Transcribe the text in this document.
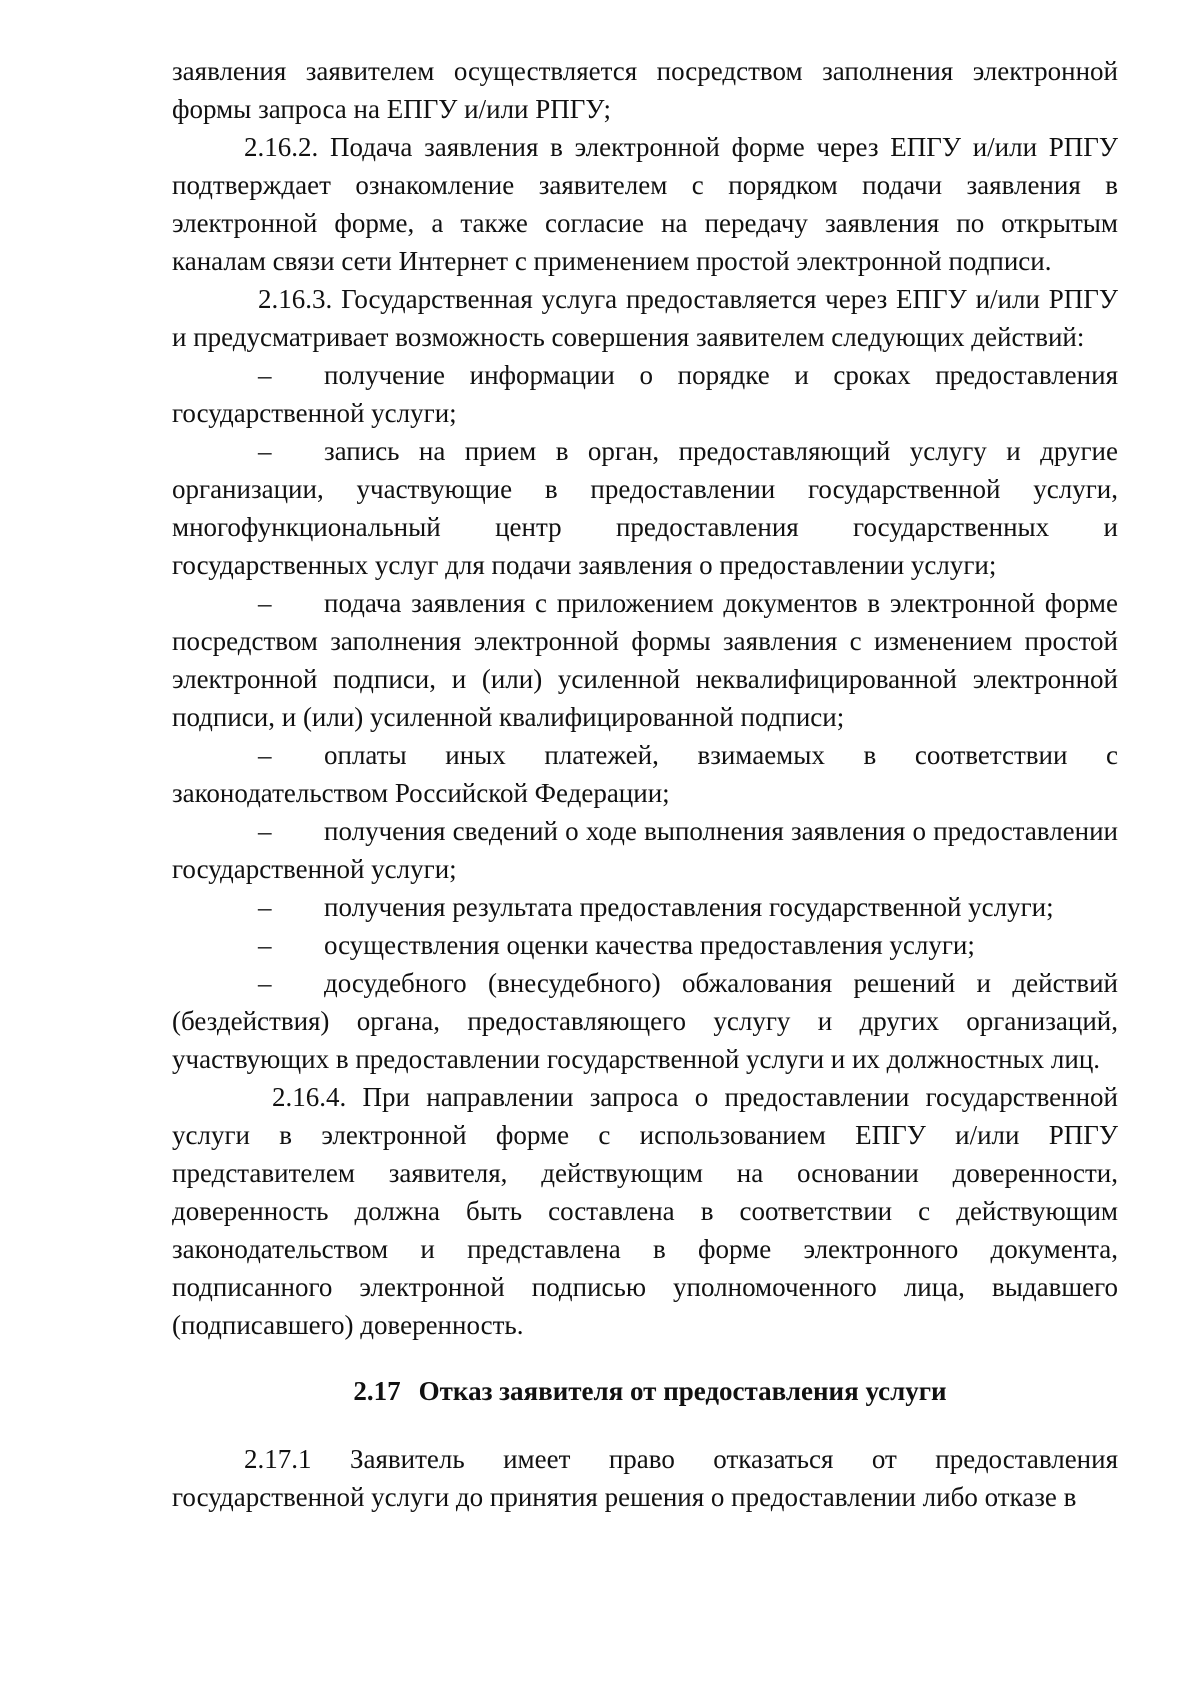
заявления заявителем осуществляется посредством заполнения электронной формы запроса на ЕПГУ и/или РПГУ;

2.16.2. Подача заявления в электронной форме через ЕПГУ и/или РПГУ подтверждает ознакомление заявителем с порядком подачи заявления в электронной форме, а также согласие на передачу заявления по открытым каналам связи сети Интернет с применением простой электронной подписи.

2.16.3. Государственная услуга предоставляется через ЕПГУ и/или РПГУ и предусматривает возможность совершения заявителем следующих действий:

– получение информации о порядке и сроках предоставления государственной услуги;

– запись на прием в орган, предоставляющий услугу и другие организации, участвующие в предоставлении государственной услуги, многофункциональный центр предоставления государственных и государственных услуг для подачи заявления о предоставлении услуги;

– подача заявления с приложением документов в электронной форме посредством заполнения электронной формы заявления с изменением простой электронной подписи, и (или) усиленной неквалифицированной электронной подписи, и (или) усиленной квалифицированной подписи;

– оплаты иных платежей, взимаемых в соответствии с законодательством Российской Федерации;

– получения сведений о ходе выполнения заявления о предоставлении государственной услуги;

– получения результата предоставления государственной услуги;

– осуществления оценки качества предоставления услуги;

– досудебного (внесудебного) обжалования решений и действий (бездействия) органа, предоставляющего услугу и других организаций, участвующих в предоставлении государственной услуги и их должностных лиц.

2.16.4. При направлении запроса о предоставлении государственной услуги в электронной форме с использованием ЕПГУ и/или РПГУ представителем заявителя, действующим на основании доверенности, доверенность должна быть составлена в соответствии с действующим законодательством и представлена в форме электронного документа, подписанного электронной подписью уполномоченного лица, выдавшего (подписавшего) доверенность.

2.17 Отказ заявителя от предоставления услуги

2.17.1 Заявитель имеет право отказаться от предоставления государственной услуги до принятия решения о предоставлении либо отказе в
